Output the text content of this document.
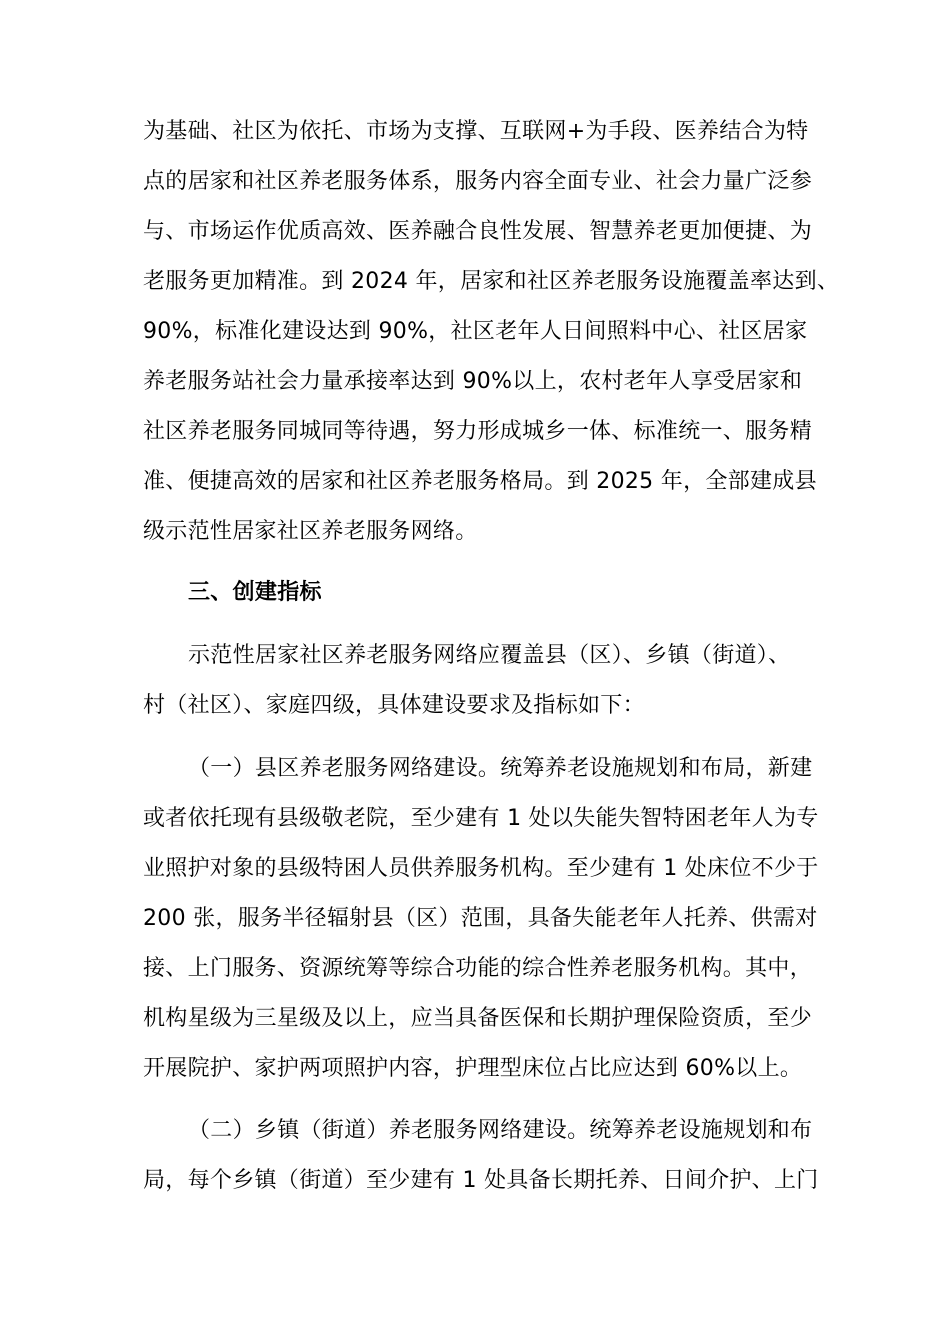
为基础、社区为依托、市场为支撑、互联网+为手段、医养结合为特

点的居家和社区养老服务体系，服务内容全面专业、社会力量广泛参

与、市场运作优质高效、医养融合良性发展、智慧养老更加便捷、为

老服务更加精准。到 2024 年，居家和社区养老服务设施覆盖率达到、

90%，标准化建设达到 90%，社区老年人日间照料中心、社区居家

养老服务站社会力量承接率达到 90%以上，农村老年人享受居家和

社区养老服务同城同等待遇，努力形成城乡一体、标准统一、服务精

准、便捷高效的居家和社区养老服务格局。到 2025 年，全部建成县

级示范性居家社区养老服务网络。

三、创建指标

示范性居家社区养老服务网络应覆盖县（区）、乡镇（街道）、

村（社区）、家庭四级，具体建设要求及指标如下：

（一）县区养老服务网络建设。统筹养老设施规划和布局，新建

或者依托现有县级敬老院，至少建有 1 处以失能失智特困老年人为专

业照护对象的县级特困人员供养服务机构。至少建有 1 处床位不少于

200 张，服务半径辐射县（区）范围，具备失能老年人托养、供需对

接、上门服务、资源统筹等综合功能的综合性养老服务机构。其中，

机构星级为三星级及以上，应当具备医保和长期护理保险资质，至少

开展院护、家护两项照护内容，护理型床位占比应达到 60%以上。

（二）乡镇（街道）养老服务网络建设。统筹养老设施规划和布

局，每个乡镇（街道）至少建有 1 处具备长期托养、日间介护、上门
